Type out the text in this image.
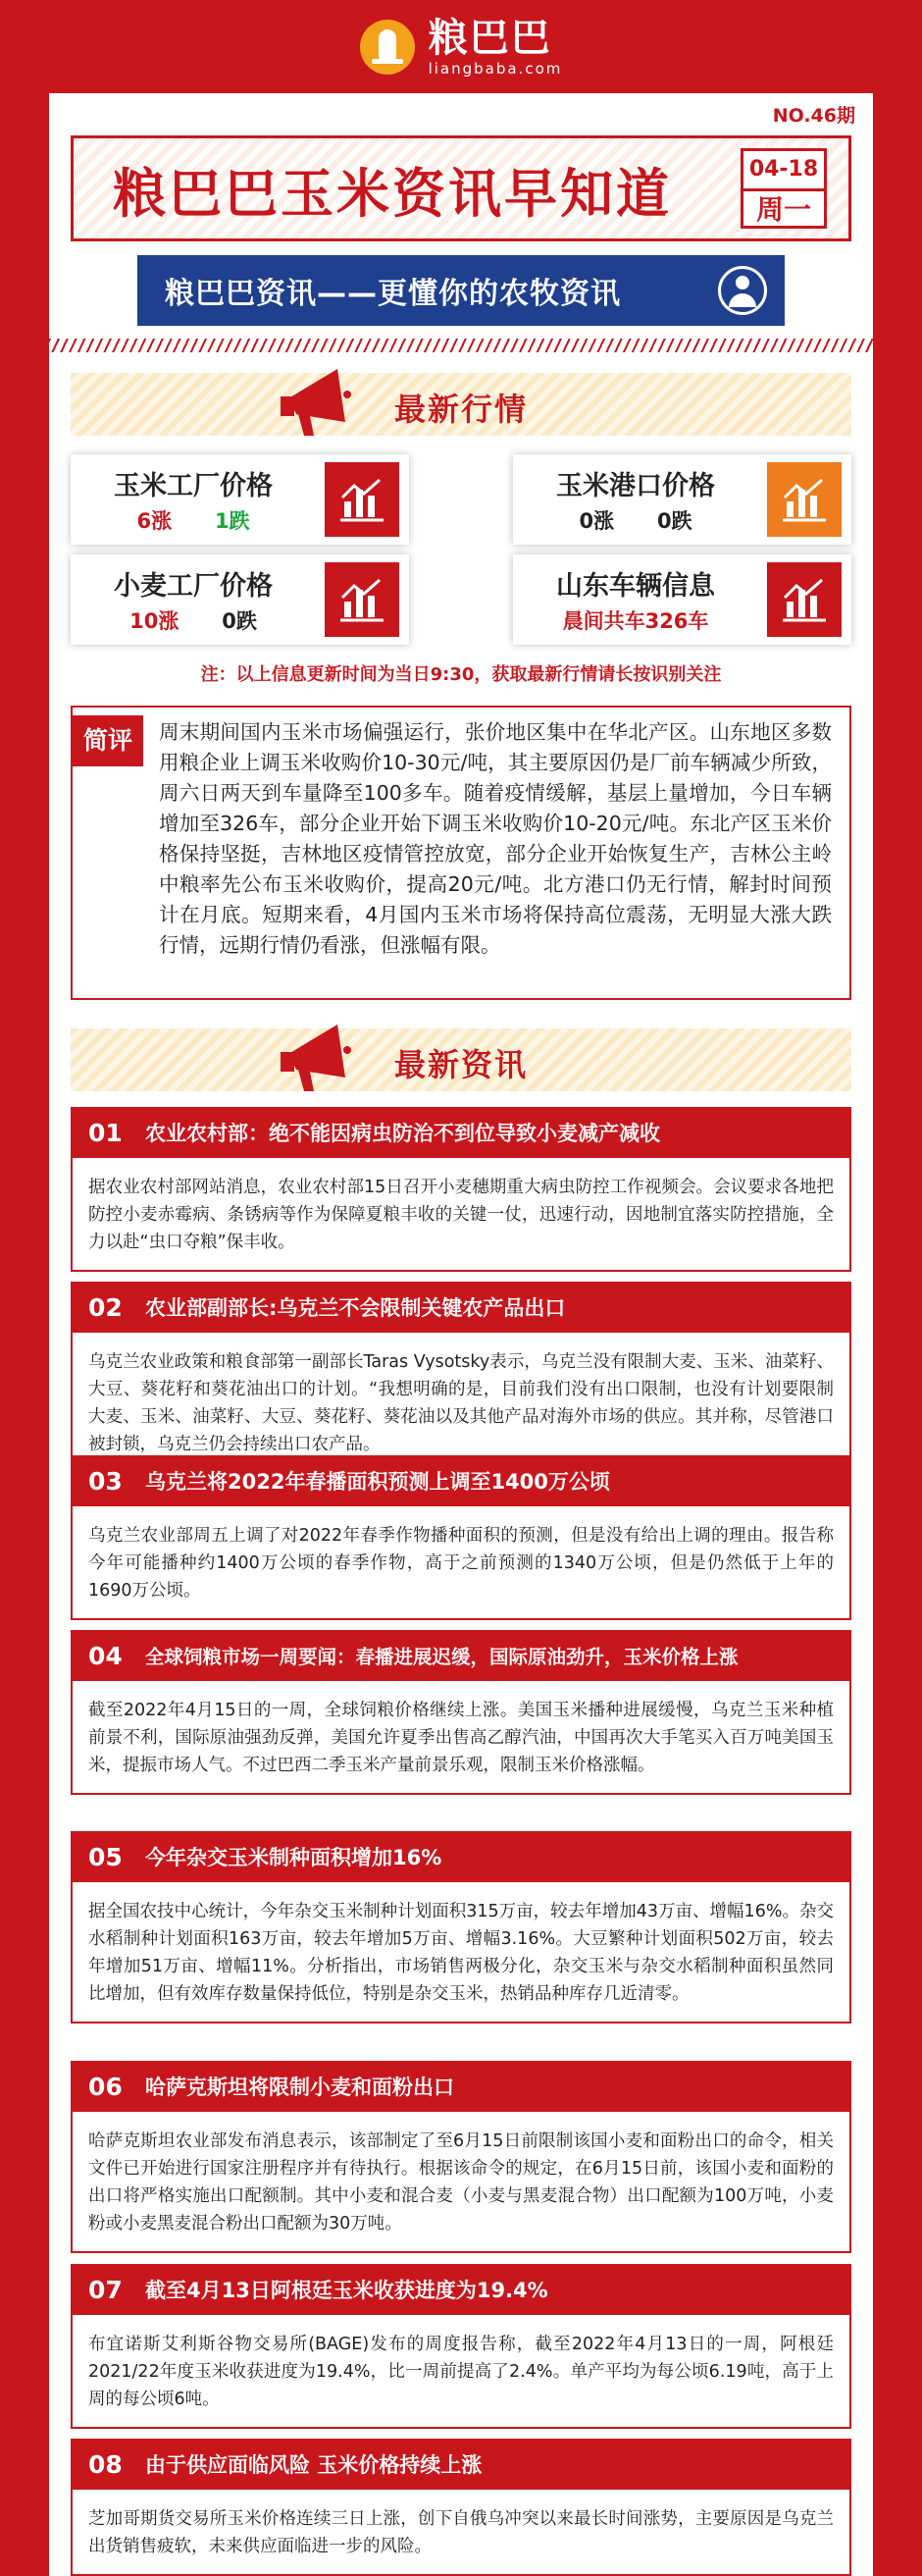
粮巴巴
liangbaba.com
NO.46期
粮巴巴玉米资讯早知道	04-18
周一
粮巴巴资讯——更懂你的农牧资讯
最新行情
玉米工厂价格
6涨 1跌
玉米港口价格
0涨 0跌
小麦工厂价格
10涨 0跌
山东车辆信息
晨间共车326车
注：以上信息更新时间为当日9:30，获取最新行情请长按识别关注
简评	周末期间国内玉米市场偏强运行，张价地区集中在华北产区。山东地区多数用粮企业上调玉米收购价10-30元/吨，其主要原因仍是厂前车辆减少所致，周六日两天到车量降至100多车。随着疫情缓解，基层上量增加，今日车辆增加至326车，部分企业开始下调玉米收购价10-20元/吨。东北产区玉米价格保持坚挺，吉林地区疫情管控放宽，部分企业开始恢复生产，吉林公主岭中粮率先公布玉米收购价，提高20元/吨。北方港口仍无行情，解封时间预计在月底。短期来看，4月国内玉米市场将保持高位震荡，无明显大涨大跌行情，远期行情仍看涨，但涨幅有限。
最新资讯
01	农业农村部：绝不能因病虫防治不到位导致小麦减产减收
据农业农村部网站消息，农业农村部15日召开小麦穗期重大病虫防控工作视频会。会议要求各地把防控小麦赤霉病、条锈病等作为保障夏粮丰收的关键一仗，迅速行动，因地制宜落实防控措施，全力以赴“虫口夺粮”保丰收。
02	农业部副部长:乌克兰不会限制关键农产品出口
乌克兰农业政策和粮食部第一副部长Taras Vysotsky表示，乌克兰没有限制大麦、玉米、油菜籽、大豆、葵花籽和葵花油出口的计划。“我想明确的是，目前我们没有出口限制，也没有计划要限制大麦、玉米、油菜籽、大豆、葵花籽、葵花油以及其他产品对海外市场的供应。其并称，尽管港口被封锁，乌克兰仍会持续出口农产品。
03	乌克兰将2022年春播面积预测上调至1400万公顷
乌克兰农业部周五上调了对2022年春季作物播种面积的预测，但是没有给出上调的理由。报告称今年可能播种约1400万公顷的春季作物，高于之前预测的1340万公顷，但是仍然低于上年的1690万公顷。
04	全球饲粮市场一周要闻：春播进展迟缓，国际原油劲升，玉米价格上涨
截至2022年4月15日的一周，全球饲粮价格继续上涨。美国玉米播种进展缓慢，乌克兰玉米种植前景不利，国际原油强劲反弹，美国允许夏季出售高乙醇汽油，中国再次大手笔买入百万吨美国玉米，提振市场人气。不过巴西二季玉米产量前景乐观，限制玉米价格涨幅。
05	今年杂交玉米制种面积增加16%
据全国农技中心统计，今年杂交玉米制种计划面积315万亩，较去年增加43万亩、增幅16%。杂交水稻制种计划面积163万亩，较去年增加5万亩、增幅3.16%。大豆繁种计划面积502万亩，较去年增加51万亩、增幅11%。分析指出，市场销售两极分化，杂交玉米与杂交水稻制种面积虽然同比增加，但有效库存数量保持低位，特别是杂交玉米，热销品种库存几近清零。
06	哈萨克斯坦将限制小麦和面粉出口
哈萨克斯坦农业部发布消息表示，该部制定了至6月15日前限制该国小麦和面粉出口的命令，相关文件已开始进行国家注册程序并有待执行。根据该命令的规定，在6月15日前，该国小麦和面粉的出口将严格实施出口配额制。其中小麦和混合麦（小麦与黑麦混合物）出口配额为100万吨，小麦粉或小麦黑麦混合粉出口配额为30万吨。
07	截至4月13日阿根廷玉米收获进度为19.4%
布宜诺斯艾利斯谷物交易所(BAGE)发布的周度报告称，截至2022年4月13日的一周，阿根廷2021/22年度玉米收获进度为19.4%，比一周前提高了2.4%。单产平均为每公顷6.19吨，高于上周的每公顷6吨。
08	由于供应面临风险 玉米价格持续上涨
芝加哥期货交易所玉米价格连续三日上涨，创下自俄乌冲突以来最长时间涨势，主要原因是乌克兰出货销售疲软，未来供应面临进一步的风险。
